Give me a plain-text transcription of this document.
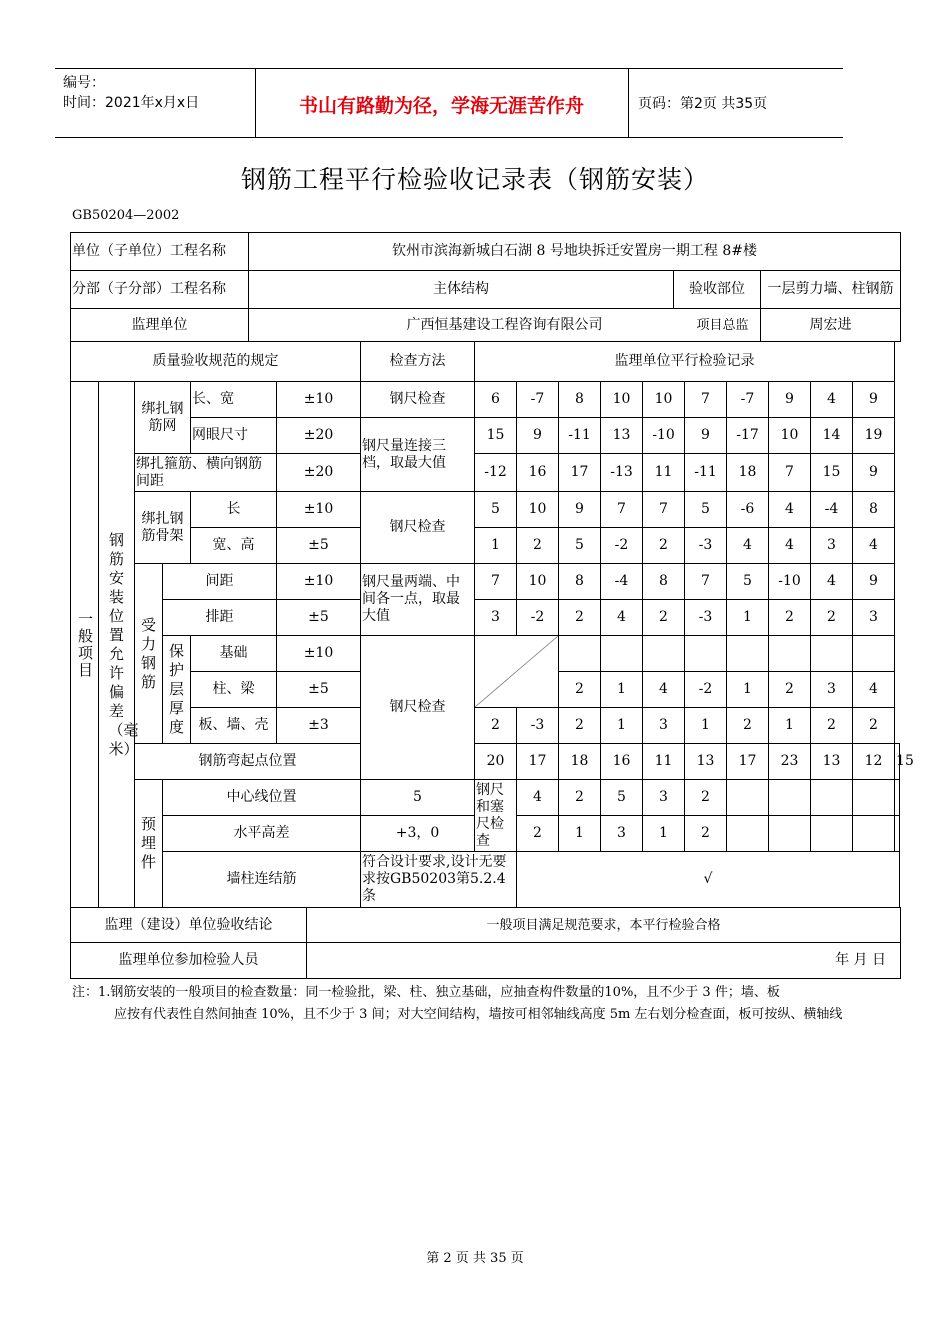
编号：
时间：2021年x月x日	书山有路勤为径，学海无涯苦作舟	页码：第2页 共35页
钢筋工程平行检验收记录表（钢筋安装）
GB50204—2002
单位（子单位）工程名称	钦州市滨海新城白石湖 8 号地块拆迁安置房一期工程 8#楼		
分部（子分部）工程名称	主体结构	验收部位	一层剪力墙、柱钢筋
监理单位	广西恒基建设工程咨询有限公司		项目总监 周宏进
质量验收规范的规定						检查方法	监理单位平行检验记录										

一般项目	钢筋安装位置允许偏差（毫米）	绑扎钢筋网		长、宽	±10	钢尺检查	6	-7	8	10	10	7	-7	9	4	9	
				网眼尺寸	±20	钢尺量连接三档，取最大值	15	9	-11	13	-10	9	-17	10	14	19	
		绑扎箍筋、横向钢筋间距			±20		-12	16	17	-13	11	-11	18	7	15	9	
		绑扎钢筋骨架		长	±10	钢尺检查	5	10	9	7	7	5	-6	4	-4	8	
				宽、高	±5		1	2	5	-2	2	-3	4	4	3	4	

		受力钢筋	间距		±10	钢尺量两端、中间各一点，取最大值	7	10	8	-4	8	7	5	-10	4	9	
			排距		±5		3	-2	2	4	2	-3	1	2	2	3	

			保护层厚度	基础	±10	钢尺检查	

				柱、梁	±5				2	1	4	-2	1	2	3	4	
				板、墙、壳	±3		2	-3	2	1	3	1	2	1	2	2	
		钢筋弯起点位置					20	17	18	16	11	13	17	23	13	12	15

		预埋件	中心线位置			5	钢尺和塞尺检查	4	2	5	3	2					
			水平高差			+3，0		2	1	3	1	2					
			墙柱连结筋			符合设计要求,设计无要求按GB50203第5.2.4条		√									
监理（建设）单位验收结论	一般项目满足规范要求，本平行检验合格
监理单位参加检验人员	年 月 日
注：1.钢筋安装的一般项目的检查数量：同一检验批，梁、柱、独立基础，应抽查构件数量的10%，且不少于 3 件；墙、板
应按有代表性自然间抽查 10%，且不少于 3 间；对大空间结构，墙按可相邻轴线高度 5m 左右划分检查面，板可按纵、横轴线
第 2 页 共 35 页
